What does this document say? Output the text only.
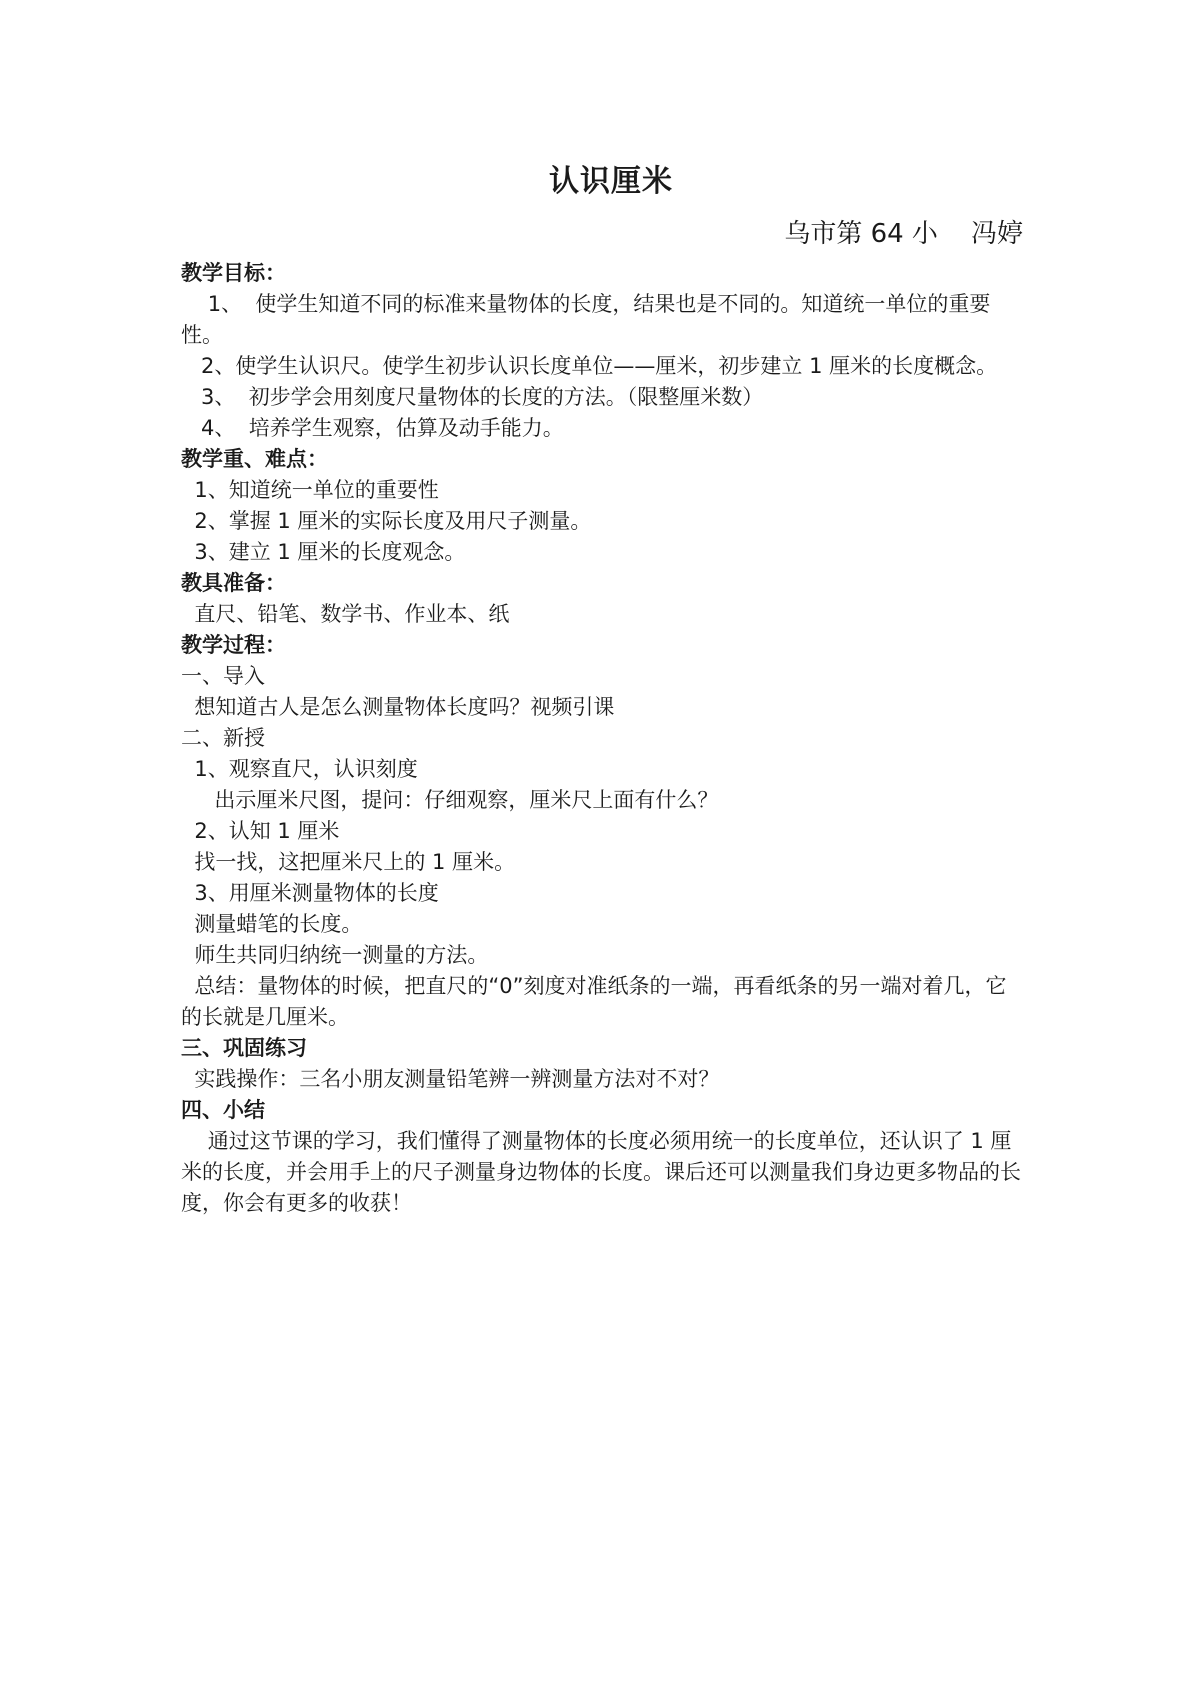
认识厘米
乌市第 64 小    冯婷
教学目标：
1、  使学生知道不同的标准来量物体的长度，结果也是不同的。知道统一单位的重要性。
2、使学生认识尺。使学生初步认识长度单位——厘米，初步建立 1 厘米的长度概念。
3、  初步学会用刻度尺量物体的长度的方法。（限整厘米数）
4、  培养学生观察，估算及动手能力。
教学重、难点：
1、知道统一单位的重要性
2、掌握 1 厘米的实际长度及用尺子测量。
3、建立 1 厘米的长度观念。
教具准备：
直尺、铅笔、数学书、作业本、纸
教学过程：
一、导入
想知道古人是怎么测量物体长度吗？视频引课
二、新授
1、观察直尺，认识刻度
出示厘米尺图，提问：仔细观察，厘米尺上面有什么？
2、认知 1 厘米
找一找，这把厘米尺上的 1 厘米。
3、用厘米测量物体的长度
测量蜡笔的长度。
师生共同归纳统一测量的方法。
总结：量物体的时候，把直尺的“0”刻度对准纸条的一端，再看纸条的另一端对着几，它的长就是几厘米。
三、巩固练习
实践操作：三名小朋友测量铅笔辨一辨测量方法对不对？
四、小结
通过这节课的学习，我们懂得了测量物体的长度必须用统一的长度单位，还认识了 1 厘米的长度，并会用手上的尺子测量身边物体的长度。课后还可以测量我们身边更多物品的长度，你会有更多的收获！
